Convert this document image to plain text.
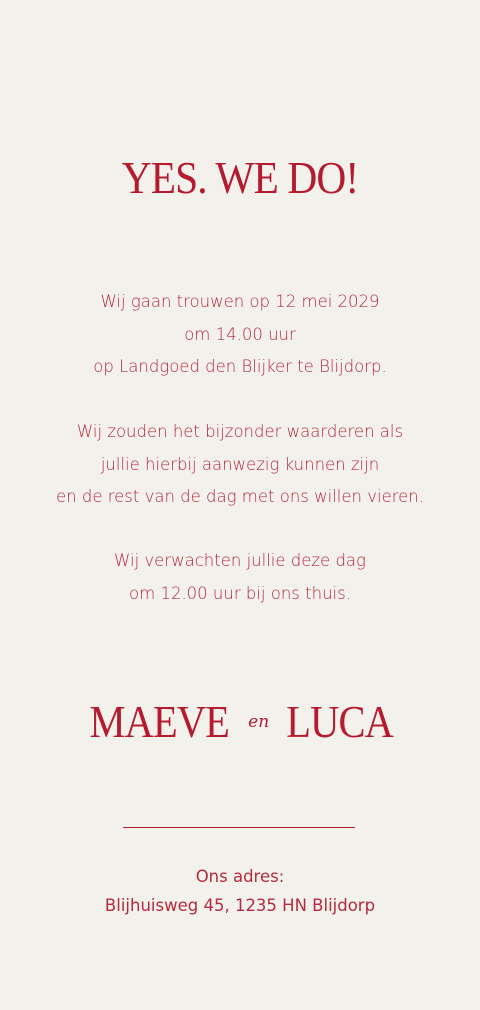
YES. WE DO!
Wij gaan trouwen op 12 mei 2029
om 14.00 uur
op Landgoed den Blijker te Blijdorp.
Wij zouden het bijzonder waarderen als
jullie hierbij aanwezig kunnen zijn
en de rest van de dag met ons willen vieren.
Wij verwachten jullie deze dag
om 12.00 uur bij ons thuis.
MAEVE en LUCA
Ons adres:
Blijhuisweg 45, 1235 HN Blijdorp
